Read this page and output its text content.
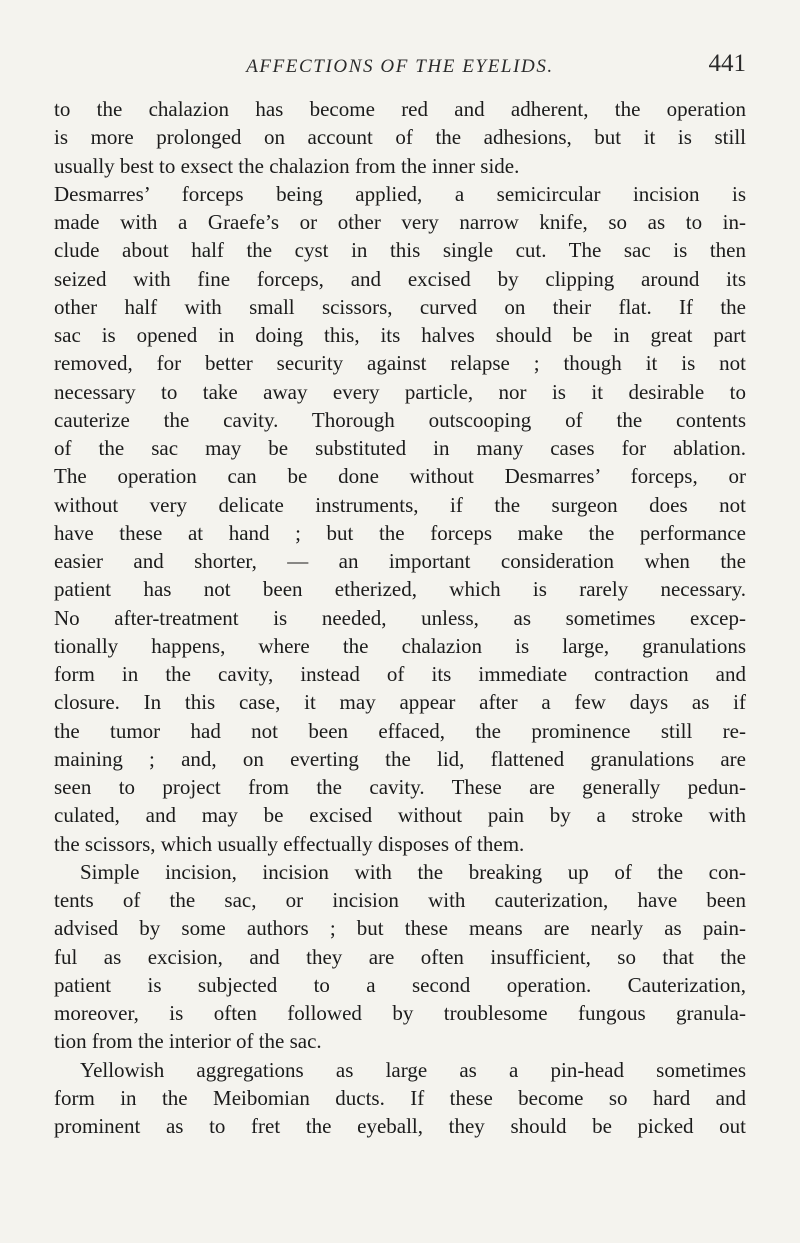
AFFECTIONS OF THE EYELIDS.	441
to the chalazion has become red and adherent, the operation
is more prolonged on account of the adhesions, but it is still
usually best to exsect the chalazion from the inner side.
Desmarres’ forceps being applied, a semicircular incision is
made with a Graefe’s or other very narrow knife, so as to in-
clude about half the cyst in this single cut. The sac is then
seized with fine forceps, and excised by clipping around its
other half with small scissors, curved on their flat. If the
sac is opened in doing this, its halves should be in great part
removed, for better security against relapse ; though it is not
necessary to take away every particle, nor is it desirable to
cauterize the cavity. Thorough outscooping of the contents
of the sac may be substituted in many cases for ablation.
The operation can be done without Desmarres’ forceps, or
without very delicate instruments, if the surgeon does not
have these at hand ; but the forceps make the performance
easier and shorter, — an important consideration when the
patient has not been etherized, which is rarely necessary.
No after-treatment is needed, unless, as sometimes excep-
tionally happens, where the chalazion is large, granulations
form in the cavity, instead of its immediate contraction and
closure. In this case, it may appear after a few days as if
the tumor had not been effaced, the prominence still re-
maining ; and, on everting the lid, flattened granulations are
seen to project from the cavity. These are generally pedun-
culated, and may be excised without pain by a stroke with
the scissors, which usually effectually disposes of them.
Simple incision, incision with the breaking up of the con-
tents of the sac, or incision with cauterization, have been
advised by some authors ; but these means are nearly as pain-
ful as excision, and they are often insufficient, so that the
patient is subjected to a second operation. Cauterization,
moreover, is often followed by troublesome fungous granula-
tion from the interior of the sac.
Yellowish aggregations as large as a pin-head sometimes
form in the Meibomian ducts. If these become so hard and
prominent as to fret the eyeball, they should be picked out
